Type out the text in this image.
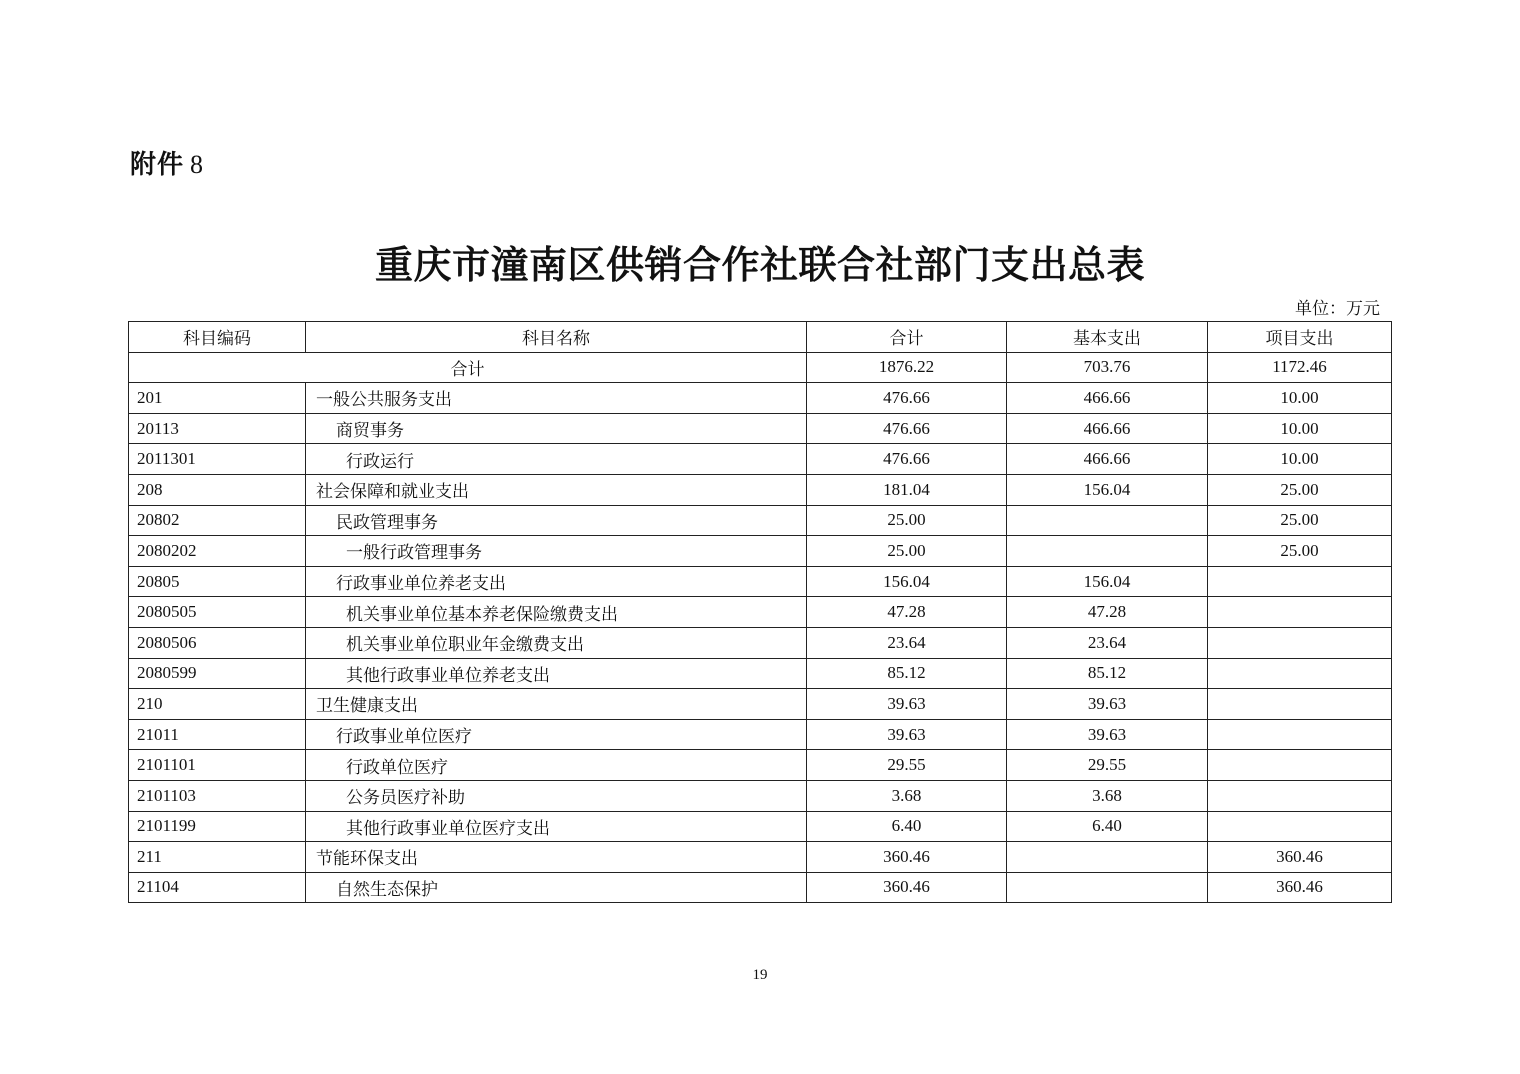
附件 8
重庆市潼南区供销合作社联合社部门支出总表
单位：万元
科目编码	科目名称	合计	基本支出	项目支出
合计		1876.22	703.76	1172.46
201	一般公共服务支出	476.66	466.66	10.00
20113	商贸事务	476.66	466.66	10.00
2011301	行政运行	476.66	466.66	10.00
208	社会保障和就业支出	181.04	156.04	25.00
20802	民政管理事务	25.00		25.00
2080202	一般行政管理事务	25.00		25.00
20805	行政事业单位养老支出	156.04	156.04	
2080505	机关事业单位基本养老保险缴费支出	47.28	47.28	
2080506	机关事业单位职业年金缴费支出	23.64	23.64	
2080599	其他行政事业单位养老支出	85.12	85.12	
210	卫生健康支出	39.63	39.63	
21011	行政事业单位医疗	39.63	39.63	
2101101	行政单位医疗	29.55	29.55	
2101103	公务员医疗补助	3.68	3.68	
2101199	其他行政事业单位医疗支出	6.40	6.40	
211	节能环保支出	360.46		360.46
21104	自然生态保护	360.46		360.46
19
